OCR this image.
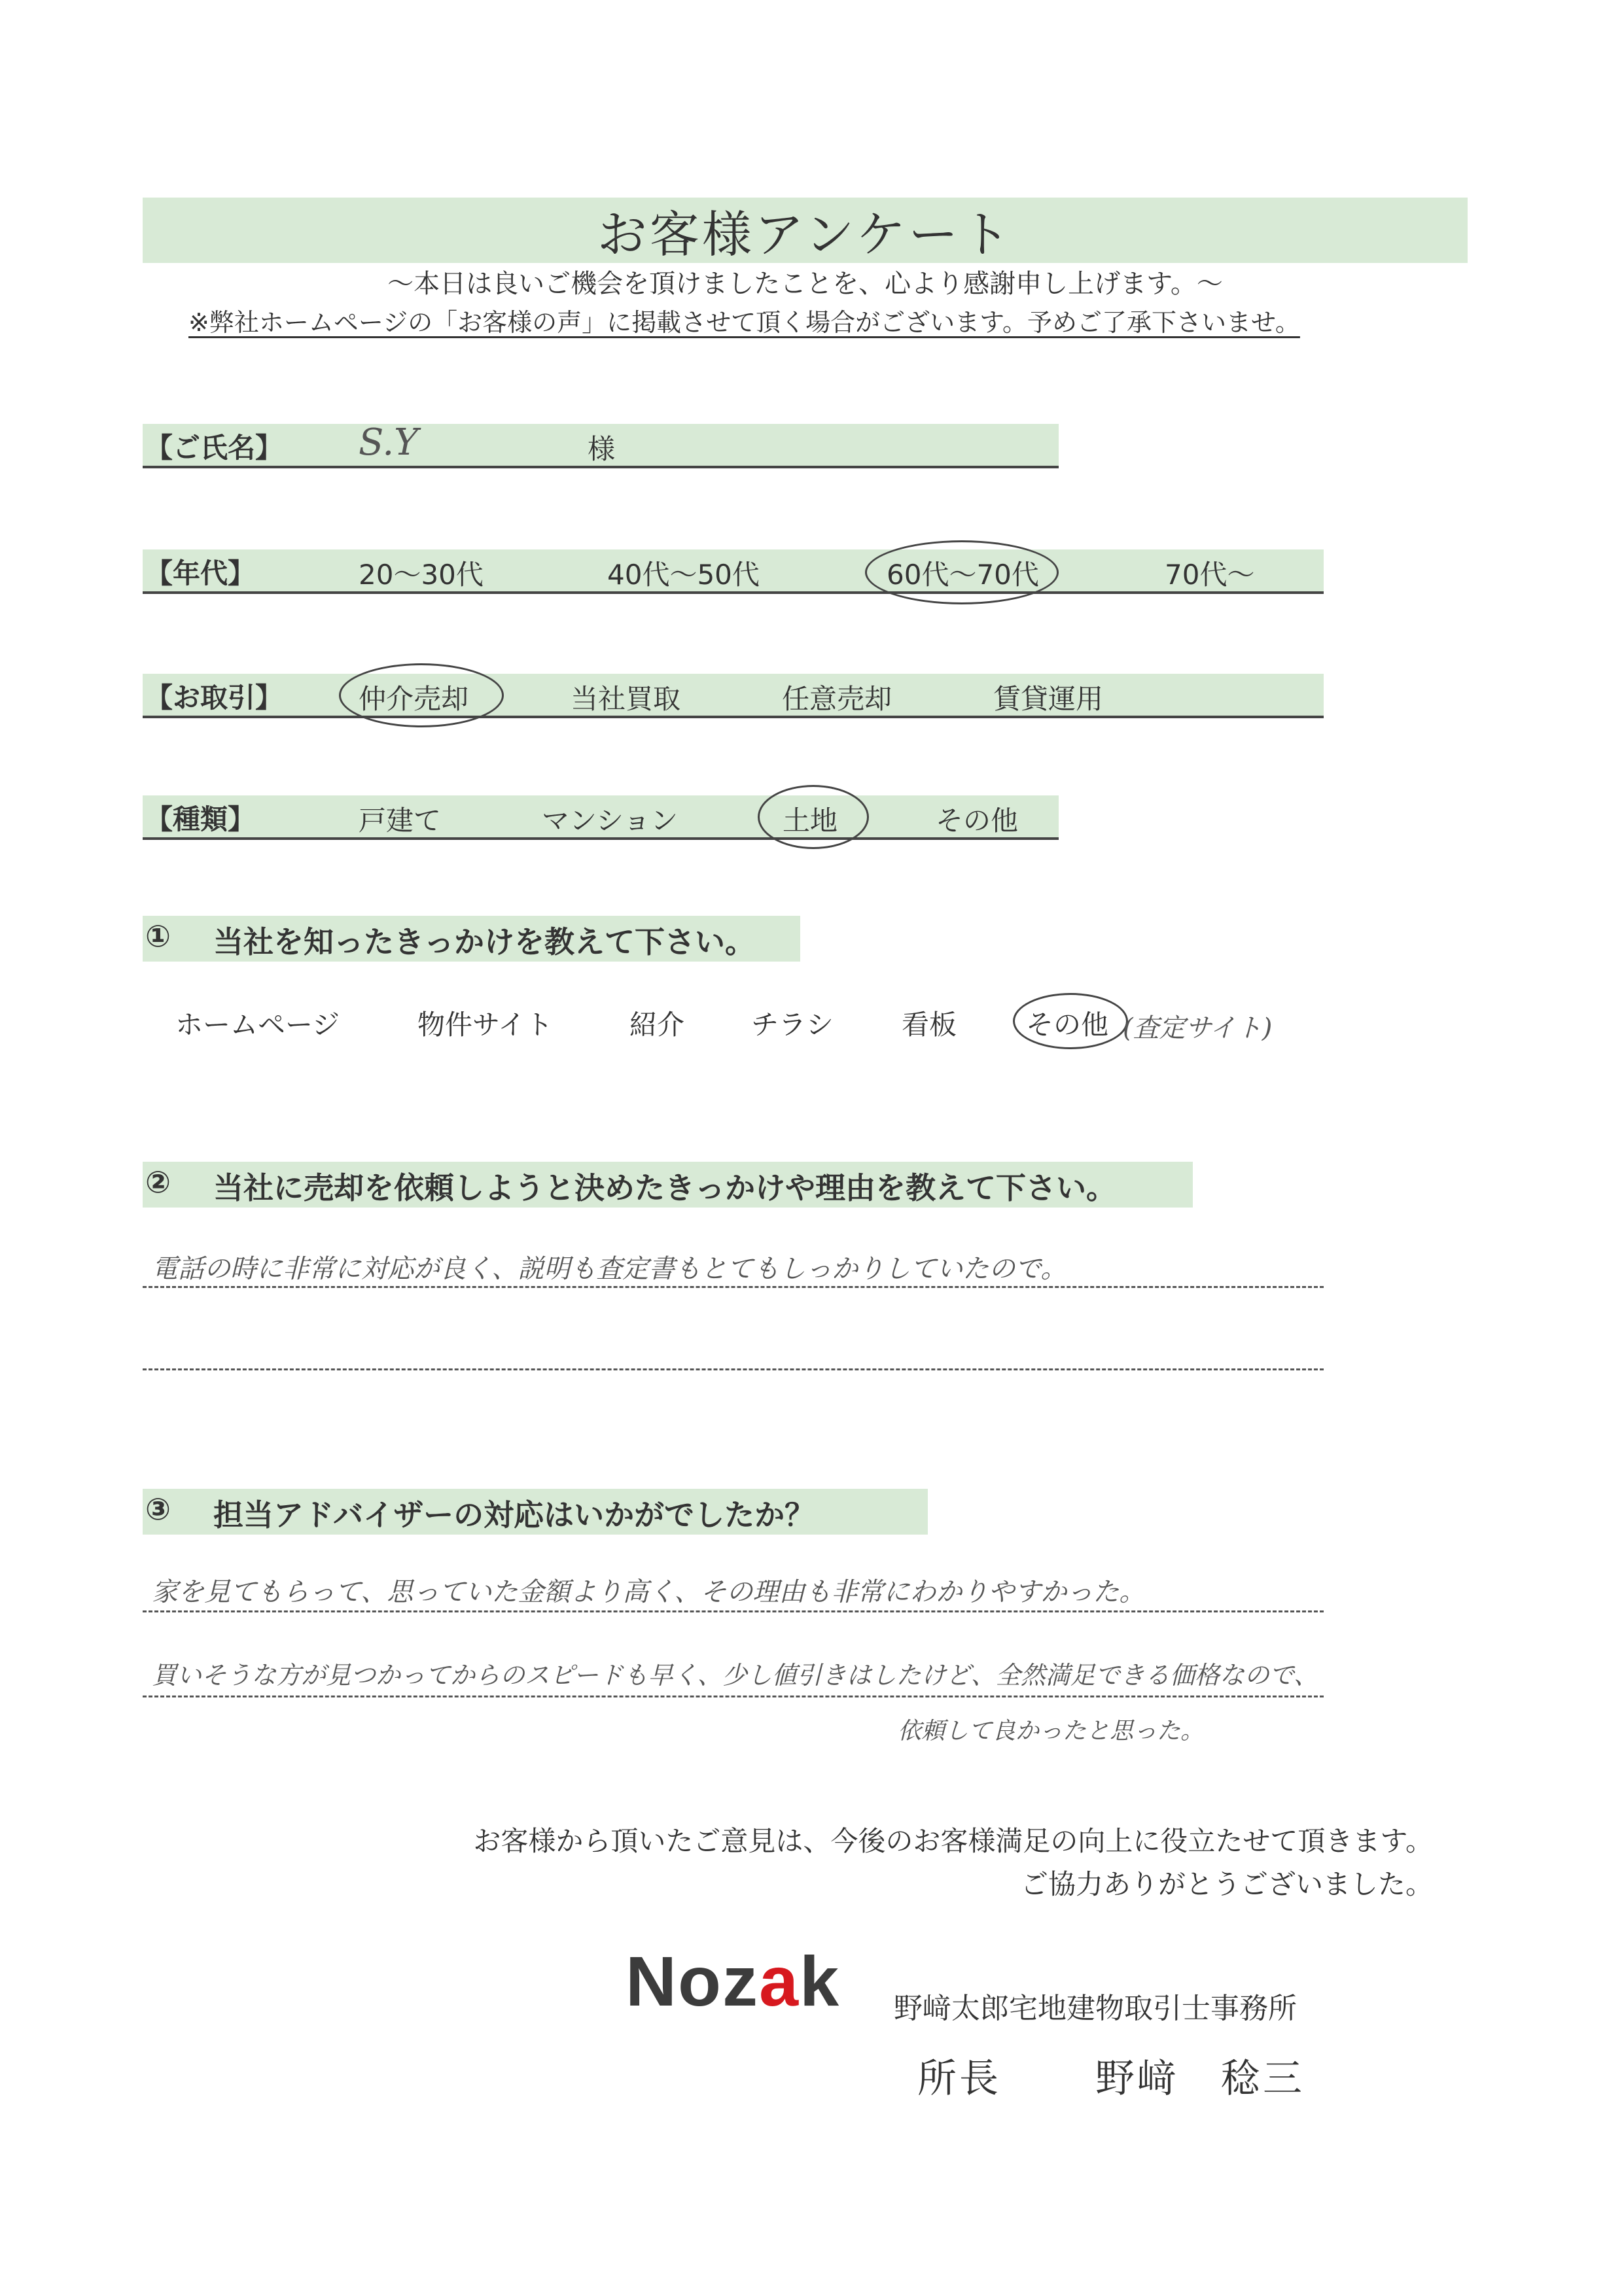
お客様アンケート
～本日は良いご機会を頂けましたことを、心より感謝申し上げます。～
※弊社ホームページの「お客様の声」に掲載させて頂く場合がございます。予めご了承下さいませ。
【ご氏名】 S.Y	様
【年代】	20～30代	40代～50代	60代～70代	70代～
【お取引】	仲介売却	当社買取	任意売却	賃貸運用
【種類】	戸建て	マンション	土地	その他
① 当社を知ったきっかけを教えて下さい。
ホームページ	物件サイト	紹介 チラシ 看板	その他 (査定サイト)
② 当社に売却を依頼しようと決めたきっかけや理由を教えて下さい。
電話の時に非常に対応が良く、説明も査定書もとてもしっかりしていたので。
③ 担当アドバイザーの対応はいかがでしたか？
家を見てもらって、思っていた金額より高く、その理由も非常にわかりやすかった。
買いそうな方が見つかってからのスピードも早く、少し値引きはしたけど、全然満足できる価格なので、
依頼して良かったと思った。
お客様から頂いたご意見は、今後のお客様満足の向上に役立たせて頂きます。
ご協力ありがとうございました。
Nozak 野﨑太郎宅地建物取引士事務所
所長 野﨑　稔三
